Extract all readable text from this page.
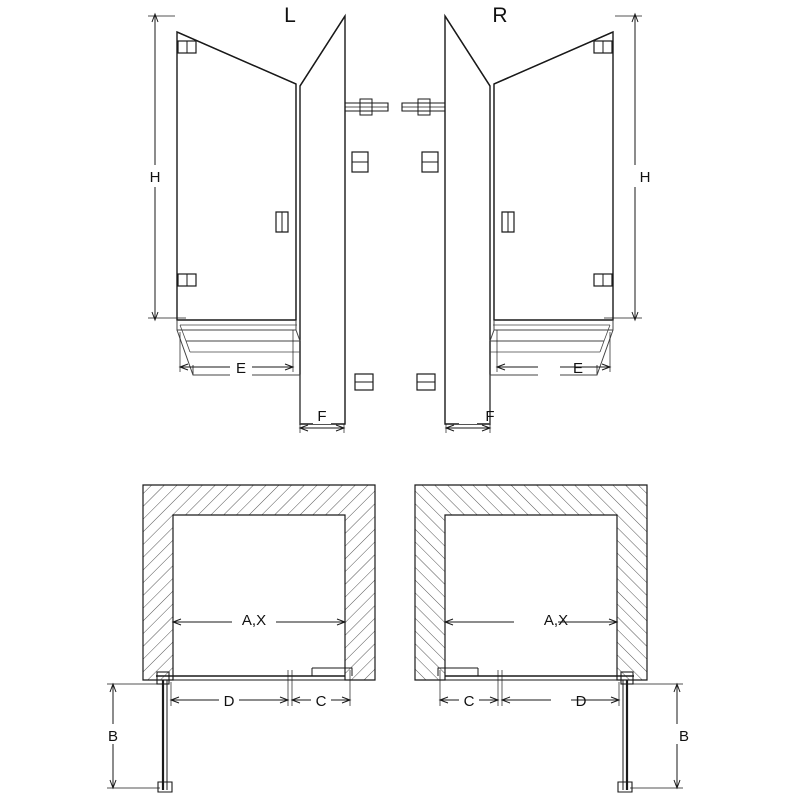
L	R
H
E
F
H
E
F
A,X
D	C
B
A,X
D
C
B
